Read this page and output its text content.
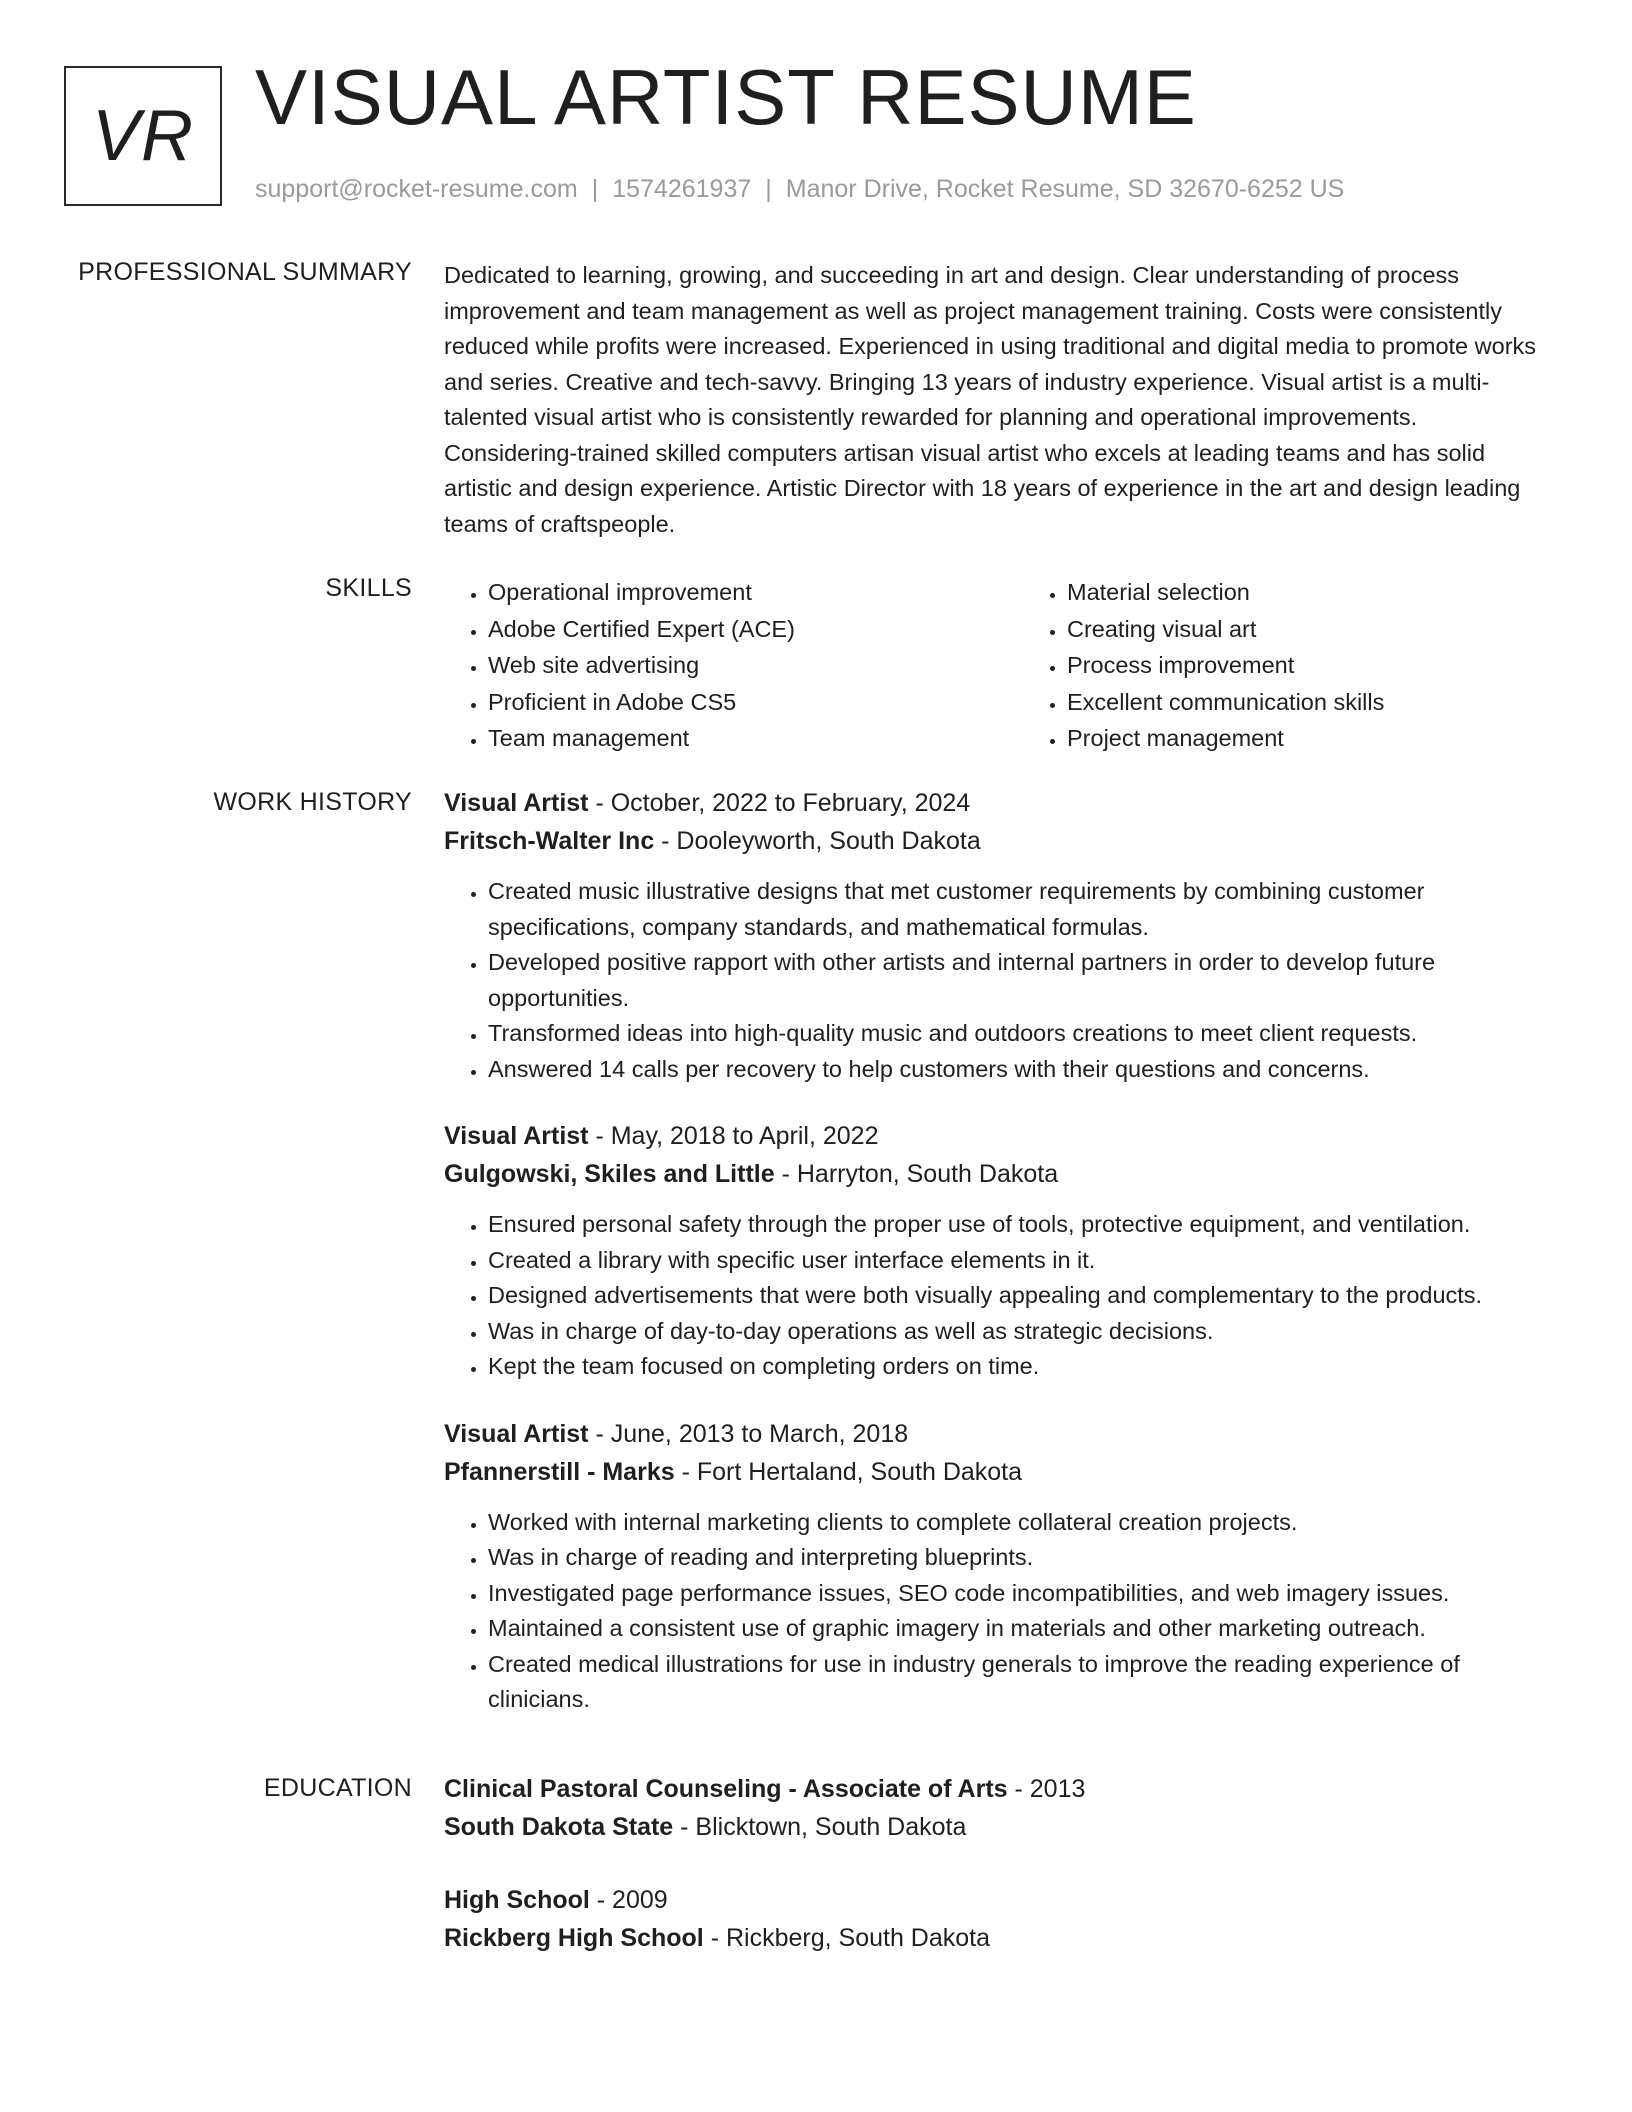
VR VISUAL ARTIST RESUME
support@rocket-resume.com | 1574261937 | Manor Drive, Rocket Resume, SD 32670-6252 US
PROFESSIONAL SUMMARY Dedicated to learning, growing, and succeeding in art and design. Clear understanding of process improvement and team management as well as project management training. Costs were consistently reduced while profits were increased. Experienced in using traditional and digital media to promote works and series. Creative and tech-savvy. Bringing 13 years of industry experience. Visual artist is a multi-talented visual artist who is consistently rewarded for planning and operational improvements. Considering-trained skilled computers artisan visual artist who excels at leading teams and has solid artistic and design experience. Artistic Director with 18 years of experience in the art and design leading teams of craftspeople.

SKILLS
•	Operational improvement
• Adobe Certified Expert (ACE)
• Web site advertising
• Proficient in Adobe CS5
• Team management
• Material selection
• Creating visual art
• Process improvement
• Excellent communication skills
• Project management
WORK HISTORY Visual Artist - October, 2022 to February, 2024
Fritsch-Walter Inc - Dooleyworth, South Dakota
• Created music illustrative designs that met customer requirements by combining customer specifications, company standards, and mathematical formulas.
• Developed positive rapport with other artists and internal partners in order to develop future opportunities.
• Transformed ideas into high-quality music and outdoors creations to meet client requests.
• Answered 14 calls per recovery to help customers with their questions and concerns.
Visual Artist - May, 2018 to April, 2022
Gulgowski, Skiles and Little - Harryton, South Dakota
• Ensured personal safety through the proper use of tools, protective equipment, and ventilation.
• Created a library with specific user interface elements in it.
• Designed advertisements that were both visually appealing and complementary to the products.
• Was in charge of day-to-day operations as well as strategic decisions.
• Kept the team focused on completing orders on time.
Visual Artist - June, 2013 to March, 2018
Pfannerstill - Marks - Fort Hertaland, South Dakota
• Worked with internal marketing clients to complete collateral creation projects.
• Was in charge of reading and interpreting blueprints.
• Investigated page performance issues, SEO code incompatibilities, and web imagery issues.
• Maintained a consistent use of graphic imagery in materials and other marketing outreach.
• Created medical illustrations for use in industry generals to improve the reading experience of clinicians.
EDUCATION Clinical Pastoral Counseling - Associate of Arts - 2013
South Dakota State - Blicktown, South Dakota
High School - 2009
Rickberg High School - Rickberg, South Dakota
